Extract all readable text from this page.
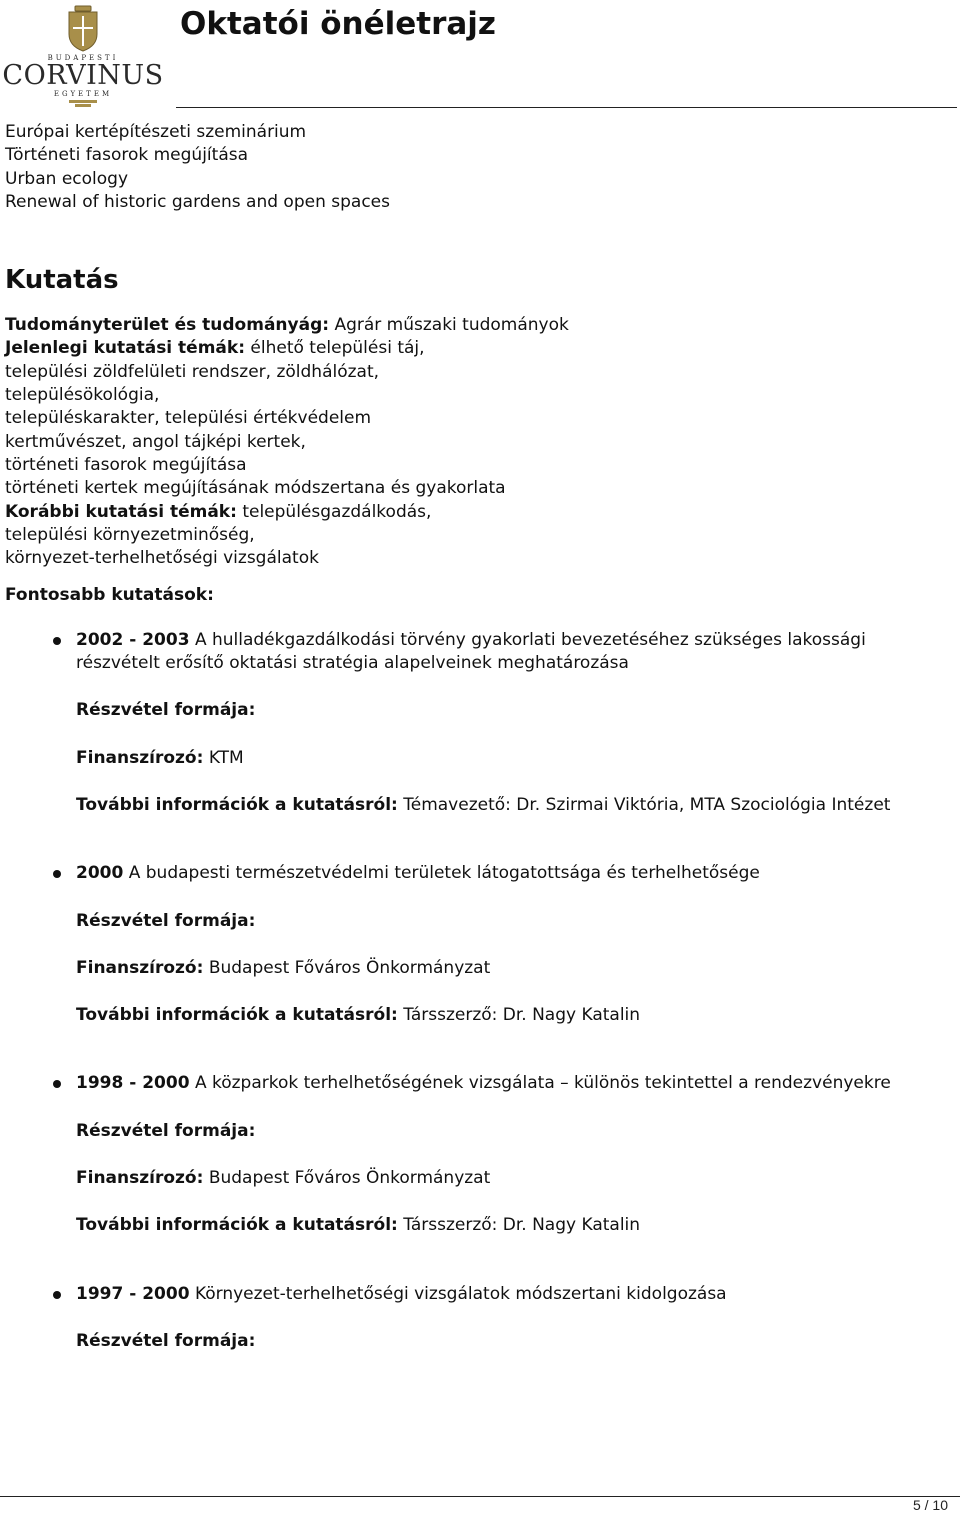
BUDAPESTI
CORVINUS
EGYETEM
Oktatói önéletrajz
Európai kertépítészeti szeminárium
Történeti fasorok megújítása
Urban ecology
Renewal of historic gardens and open spaces
Kutatás
Tudományterület és tudományág: Agrár műszaki tudományok
Jelenlegi kutatási témák: élhető települési táj,
települési zöldfelületi rendszer, zöldhálózat,
településökológia,
településkarakter, települési értékvédelem
kertművészet, angol tájképi kertek,
történeti fasorok megújítása
történeti kertek megújításának módszertana és gyakorlata
Korábbi kutatási témák: településgazdálkodás,
települési környezetminőség,
környezet-terhelhetőségi vizsgálatok
Fontosabb kutatások:

2002 - 2003 A hulladékgazdálkodási törvény gyakorlati bevezetéséhez szükséges lakossági részvételt erősítő oktatási stratégia alapelveinek meghatározása

Részvétel formája:

Finanszírozó: KTM

További információk a kutatásról: Témavezető: Dr. Szirmai Viktória, MTA Szociológia Intézet

2000 A budapesti természetvédelmi területek látogatottsága és terhelhetősége

Részvétel formája:

Finanszírozó: Budapest Főváros Önkormányzat

További információk a kutatásról: Társszerző: Dr. Nagy Katalin

1998 - 2000 A közparkok terhelhetőségének vizsgálata – különös tekintettel a rendezvényekre

Részvétel formája:

Finanszírozó: Budapest Főváros Önkormányzat

További információk a kutatásról: Társszerző: Dr. Nagy Katalin

1997 - 2000 Környezet-terhelhetőségi vizsgálatok módszertani kidolgozása

Részvétel formája:

5 / 10
